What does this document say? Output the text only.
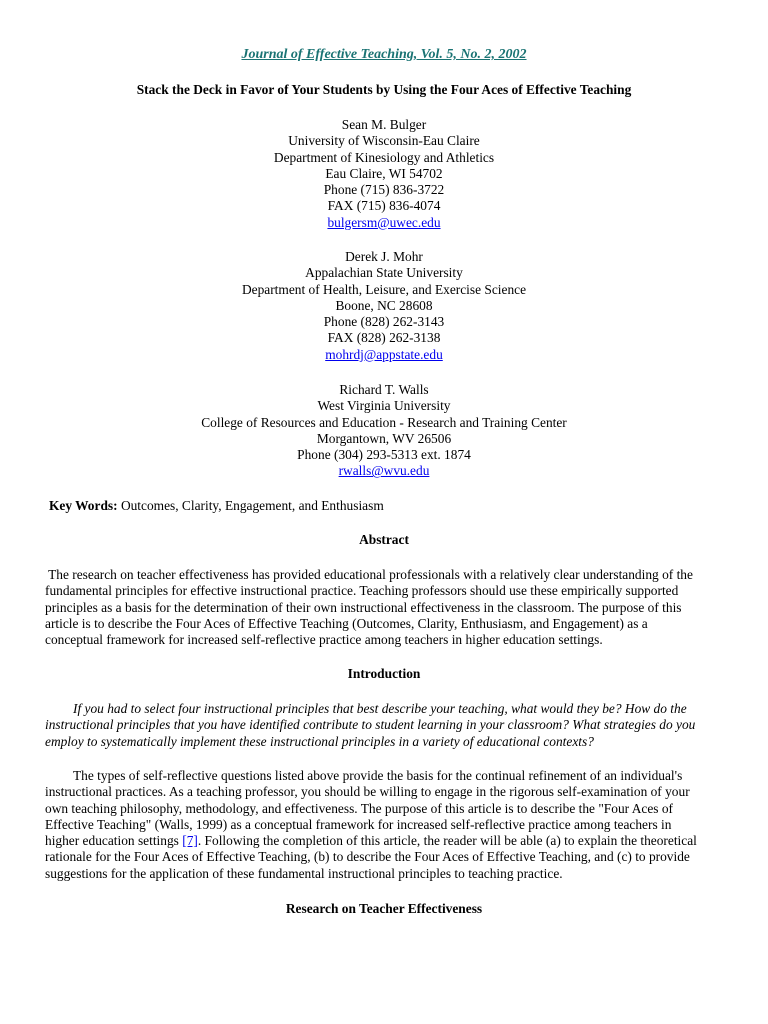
Journal of Effective Teaching, Vol. 5, No. 2, 2002
Stack the Deck in Favor of Your Students by Using the Four Aces of Effective Teaching
Sean M. Bulger
University of Wisconsin-Eau Claire
Department of Kinesiology and Athletics
Eau Claire, WI 54702
Phone (715) 836-3722
FAX (715) 836-4074
bulgersm@uwec.edu
Derek J. Mohr
Appalachian State University
Department of Health, Leisure, and Exercise Science
Boone, NC 28608
Phone (828) 262-3143
FAX (828) 262-3138
mohrdj@appstate.edu
Richard T. Walls
West Virginia University
College of Resources and Education - Research and Training Center
Morgantown, WV 26506
Phone (304) 293-5313 ext. 1874
rwalls@wvu.edu
Key Words: Outcomes, Clarity, Engagement, and Enthusiasm
Abstract
The research on teacher effectiveness has provided educational professionals with a relatively clear understanding of the
fundamental principles for effective instructional practice. Teaching professors should use these empirically supported
principles as a basis for the determination of their own instructional effectiveness in the classroom. The purpose of this
article is to describe the Four Aces of Effective Teaching (Outcomes, Clarity, Enthusiasm, and Engagement) as a
conceptual framework for increased self-reflective practice among teachers in higher education settings.
Introduction
If you had to select four instructional principles that best describe your teaching, what would they be? How do the
instructional principles that you have identified contribute to student learning in your classroom? What strategies do you
employ to systematically implement these instructional principles in a variety of educational contexts?
The types of self-reflective questions listed above provide the basis for the continual refinement of an individual's
instructional practices. As a teaching professor, you should be willing to engage in the rigorous self-examination of your
own teaching philosophy, methodology, and effectiveness. The purpose of this article is to describe the "Four Aces of
Effective Teaching" (Walls, 1999) as a conceptual framework for increased self-reflective practice among teachers in
higher education settings [7]. Following the completion of this article, the reader will be able (a) to explain the theoretical
rationale for the Four Aces of Effective Teaching, (b) to describe the Four Aces of Effective Teaching, and (c) to provide
suggestions for the application of these fundamental instructional principles to teaching practice.
Research on Teacher Effectiveness
